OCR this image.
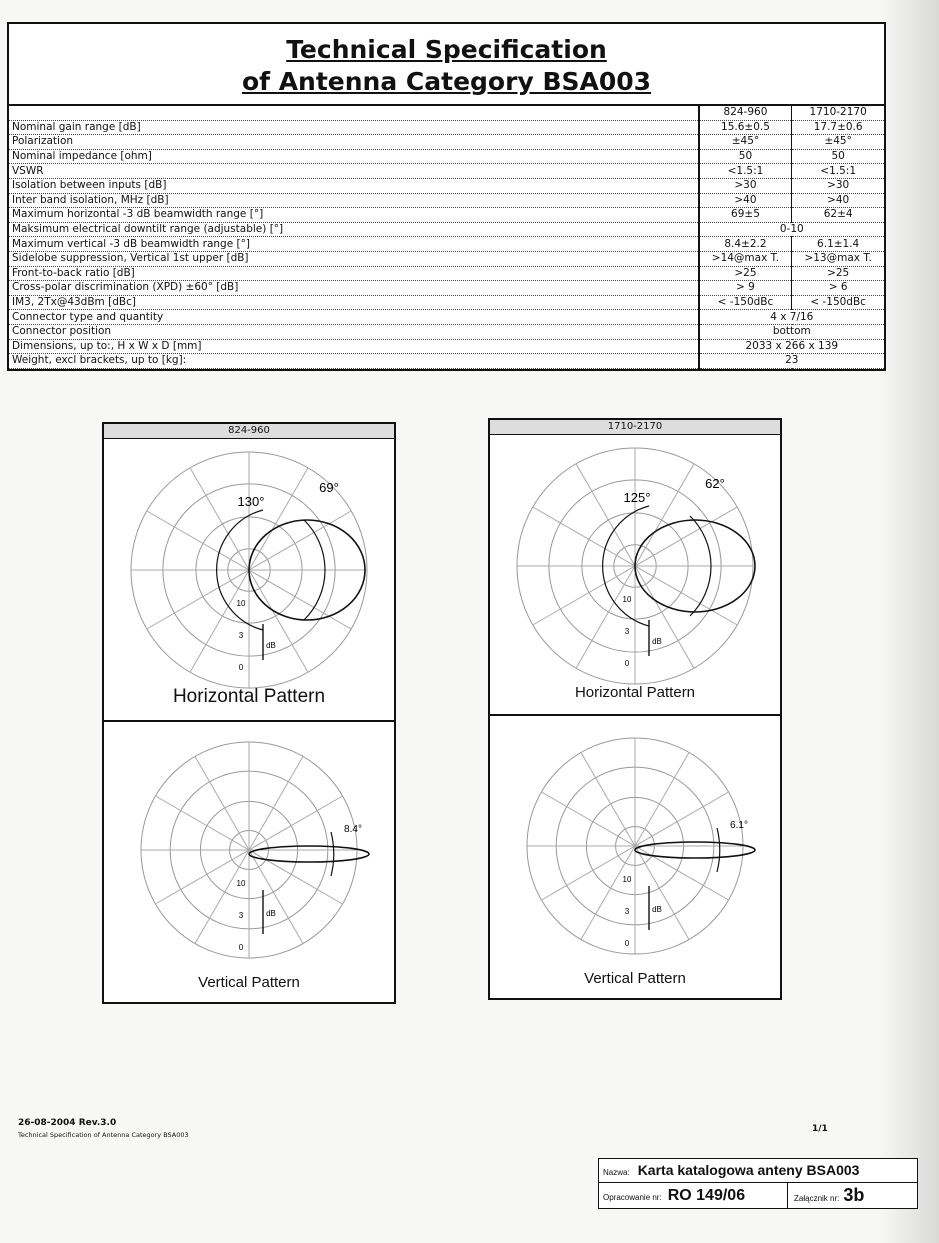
Technical Specification
of Antenna Category BSA003
	824-960	1710-2170
Nominal gain range [dB]	15.6±0.5	17.7±0.6
Polarization	±45°	±45°
Nominal impedance [ohm]	50	50
VSWR	<1.5:1	<1.5:1
Isolation between inputs [dB]	>30	>30
Inter band isolation, MHz [dB]	>40	>40
Maximum horizontal -3 dB beamwidth range [°]	69±5	62±4
Maksimum electrical downtilt range (adjustable) [°]	0-10	
Maximum vertical -3 dB beamwidth range [°]	8.4±2.2	6.1±1.4
Sidelobe suppression, Vertical 1st upper [dB]	>14@max T.	>13@max T.
Front-to-back ratio [dB]	>25	>25
Cross-polar discrimination (XPD) ±60° [dB]	> 9	> 6
IM3, 2Tx@43dBm [dBc]	< -150dBc	< -150dBc
Connector type and quantity	4 x 7/16	
Connector position	bottom	
Dimensions, up to:, H x W x D [mm]	2033 x 266 x 139	
Weight, excl brackets, up to [kg]:	23	
824-960
130°
69°
10
3
0
dB
Horizontal Pattern
8.4°
10
3
0
dB
Vertical Pattern
1710-2170
125°
62°
10
3
0
dB
Horizontal Pattern
6.1°
10
3
0
dB
Vertical Pattern
26-08-2004 Rev.3.0
Technical Specification of Antenna Category BSA003
1/1
Nazwa: Karta katalogowa anteny BSA003
Opracowanie nr: RO 149/06	Załącznik nr: 3b
